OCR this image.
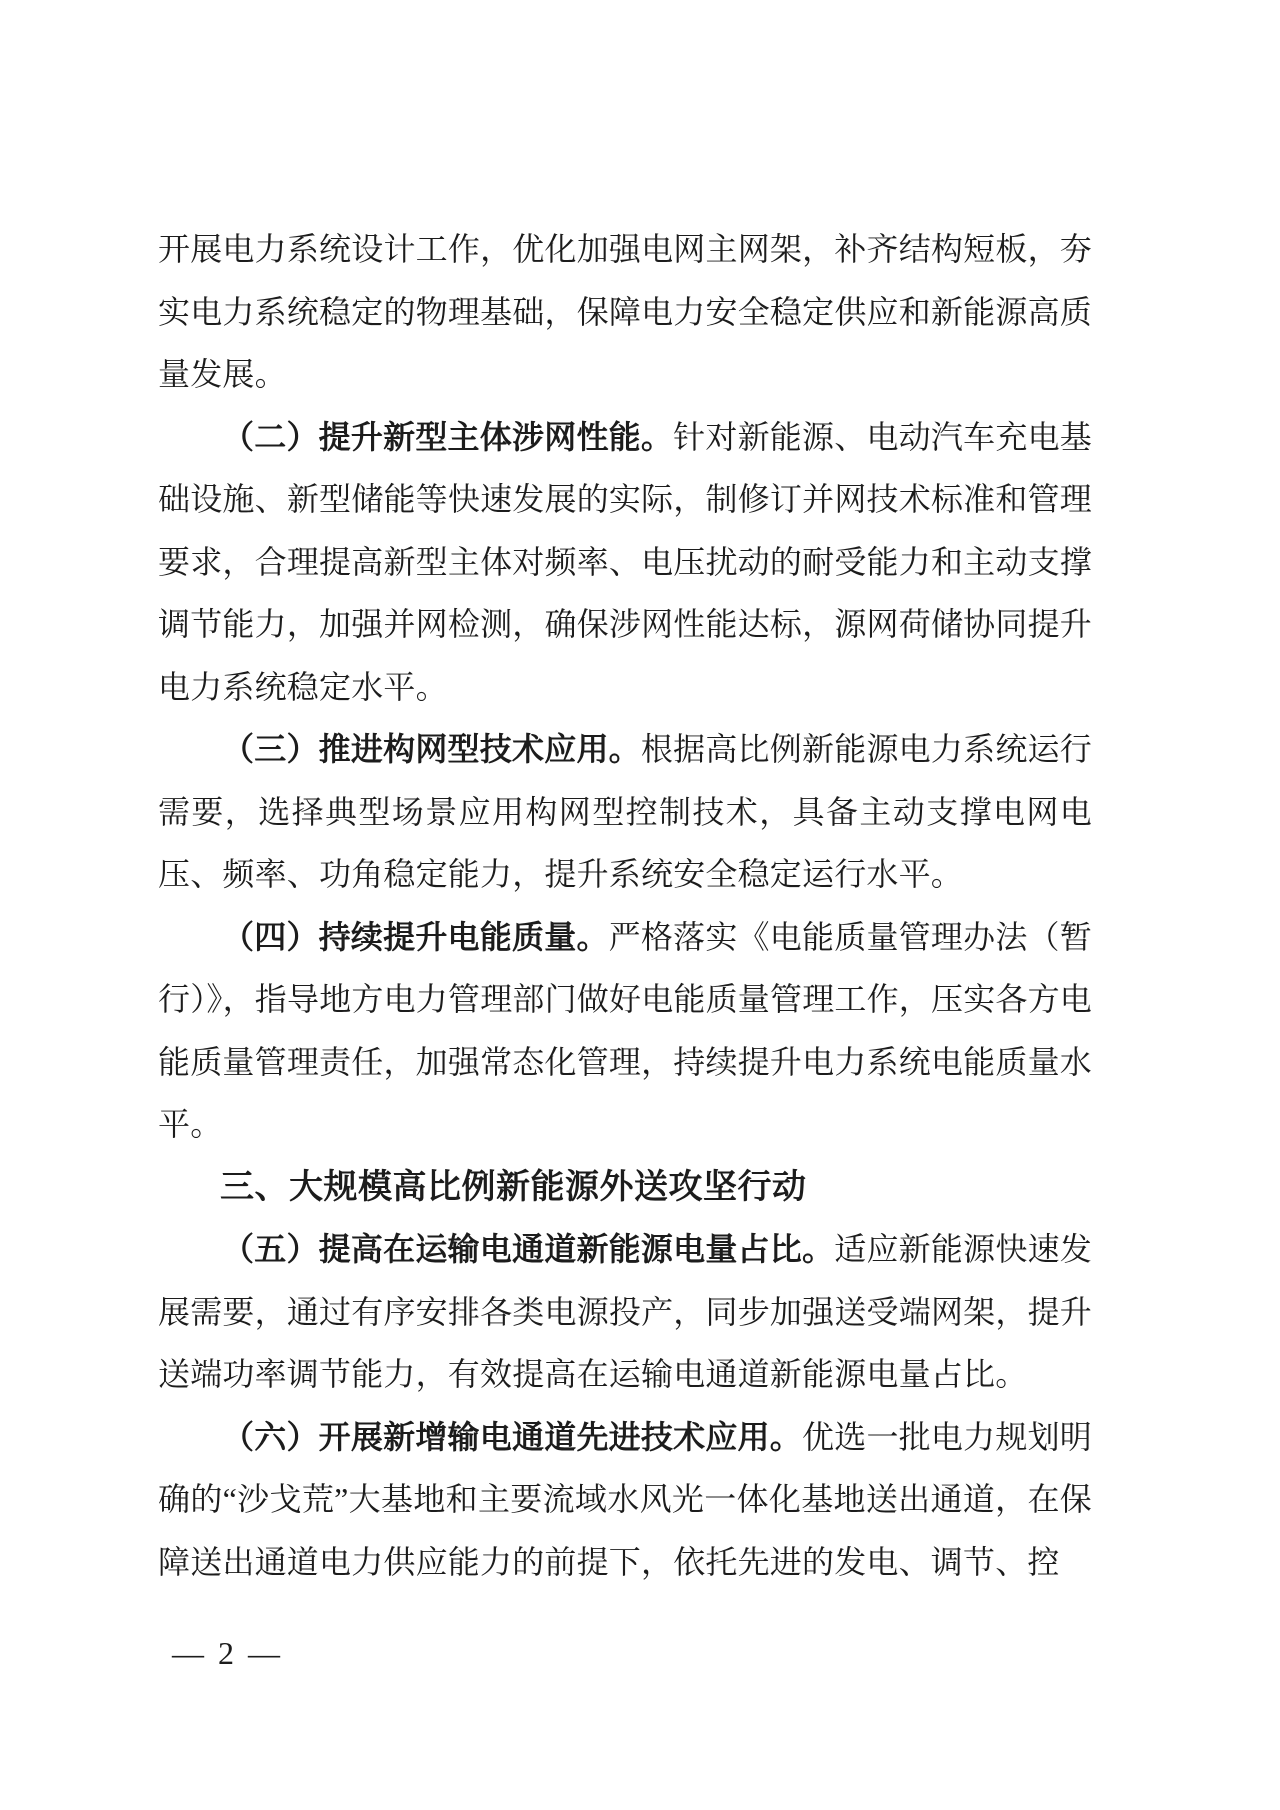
开展电力系统设计工作，优化加强电网主网架，补齐结构短板，夯实电力系统稳定的物理基础，保障电力安全稳定供应和新能源高质量发展。

（二）提升新型主体涉网性能。针对新能源、电动汽车充电基础设施、新型储能等快速发展的实际，制修订并网技术标准和管理要求，合理提高新型主体对频率、电压扰动的耐受能力和主动支撑调节能力，加强并网检测，确保涉网性能达标，源网荷储协同提升电力系统稳定水平。

（三）推进构网型技术应用。根据高比例新能源电力系统运行需要，选择典型场景应用构网型控制技术，具备主动支撑电网电压、频率、功角稳定能力，提升系统安全稳定运行水平。

（四）持续提升电能质量。严格落实《电能质量管理办法（暂行）》，指导地方电力管理部门做好电能质量管理工作，压实各方电能质量管理责任，加强常态化管理，持续提升电力系统电能质量水平。

三、大规模高比例新能源外送攻坚行动

（五）提高在运输电通道新能源电量占比。适应新能源快速发展需要，通过有序安排各类电源投产，同步加强送受端网架，提升送端功率调节能力，有效提高在运输电通道新能源电量占比。

（六）开展新增输电通道先进技术应用。优选一批电力规划明确的“沙戈荒”大基地和主要流域水风光一体化基地送出通道，在保障送出通道电力供应能力的前提下，依托先进的发电、调节、控

— 2 —
